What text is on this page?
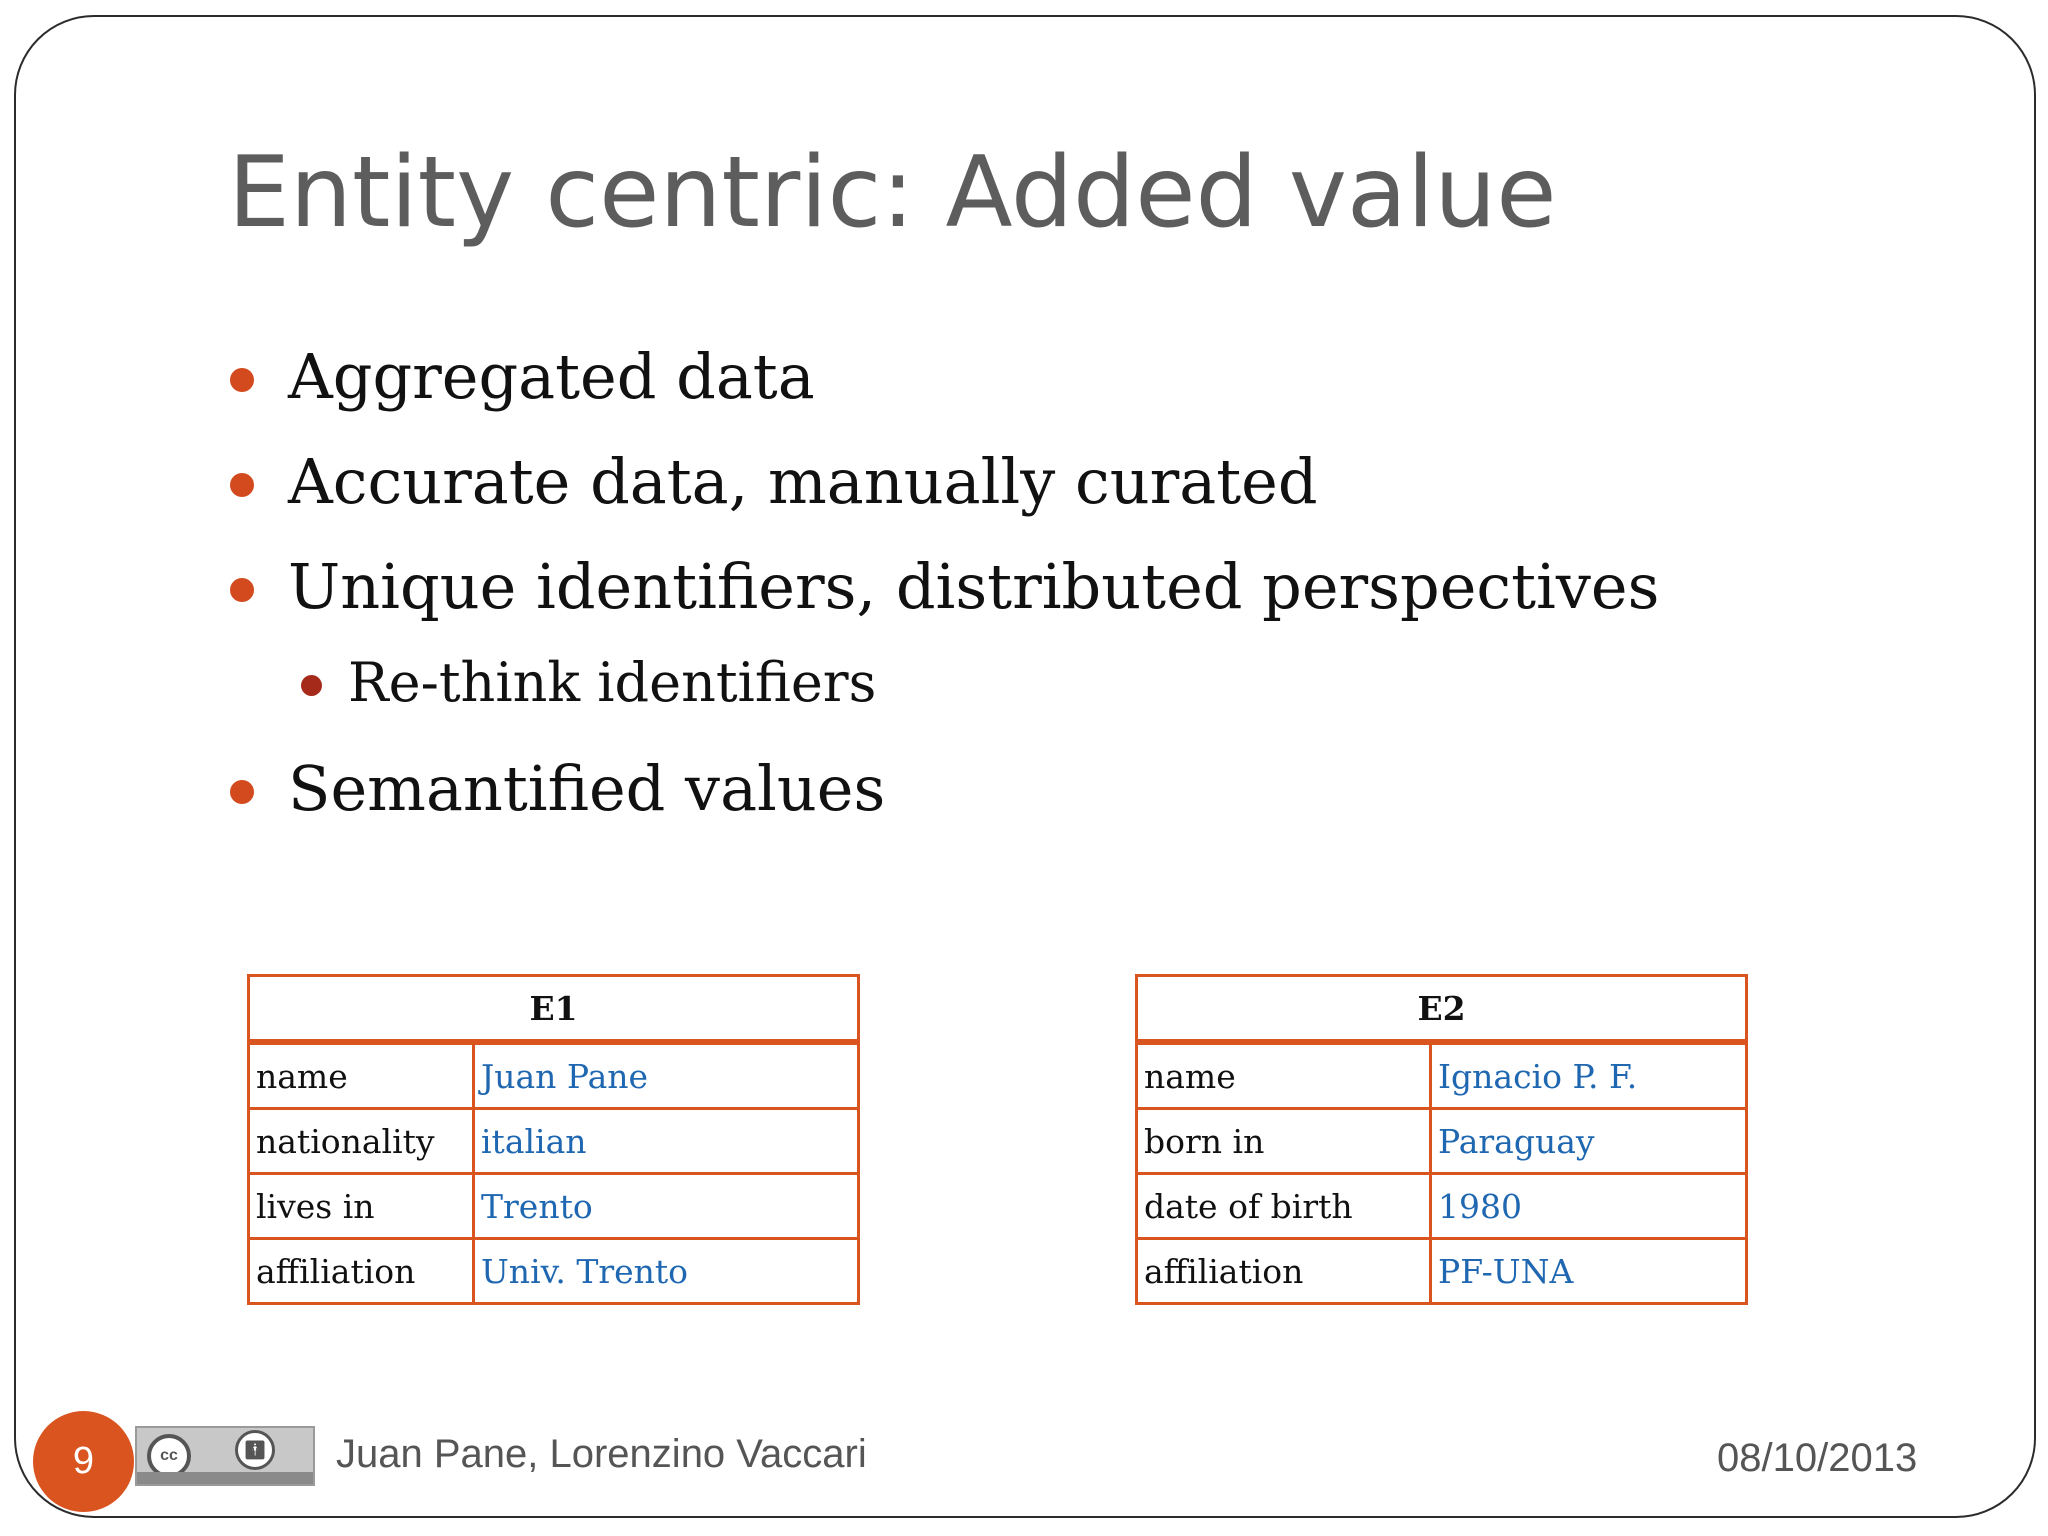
Entity centric: Added value
Aggregated data
Accurate data, manually curated
Unique identifiers, distributed perspectives
Re-think identifiers
Semantified values
E1	
name	Juan Pane
nationality	italian
lives in	Trento
affiliation	Univ. Trento
E2	
name	Ignacio P. F.
born in	Paraguay
date of birth	1980
affiliation	PF-UNA
9	cc	🚹︎ Juan Pane, Lorenzino Vaccari	08/10/2013
